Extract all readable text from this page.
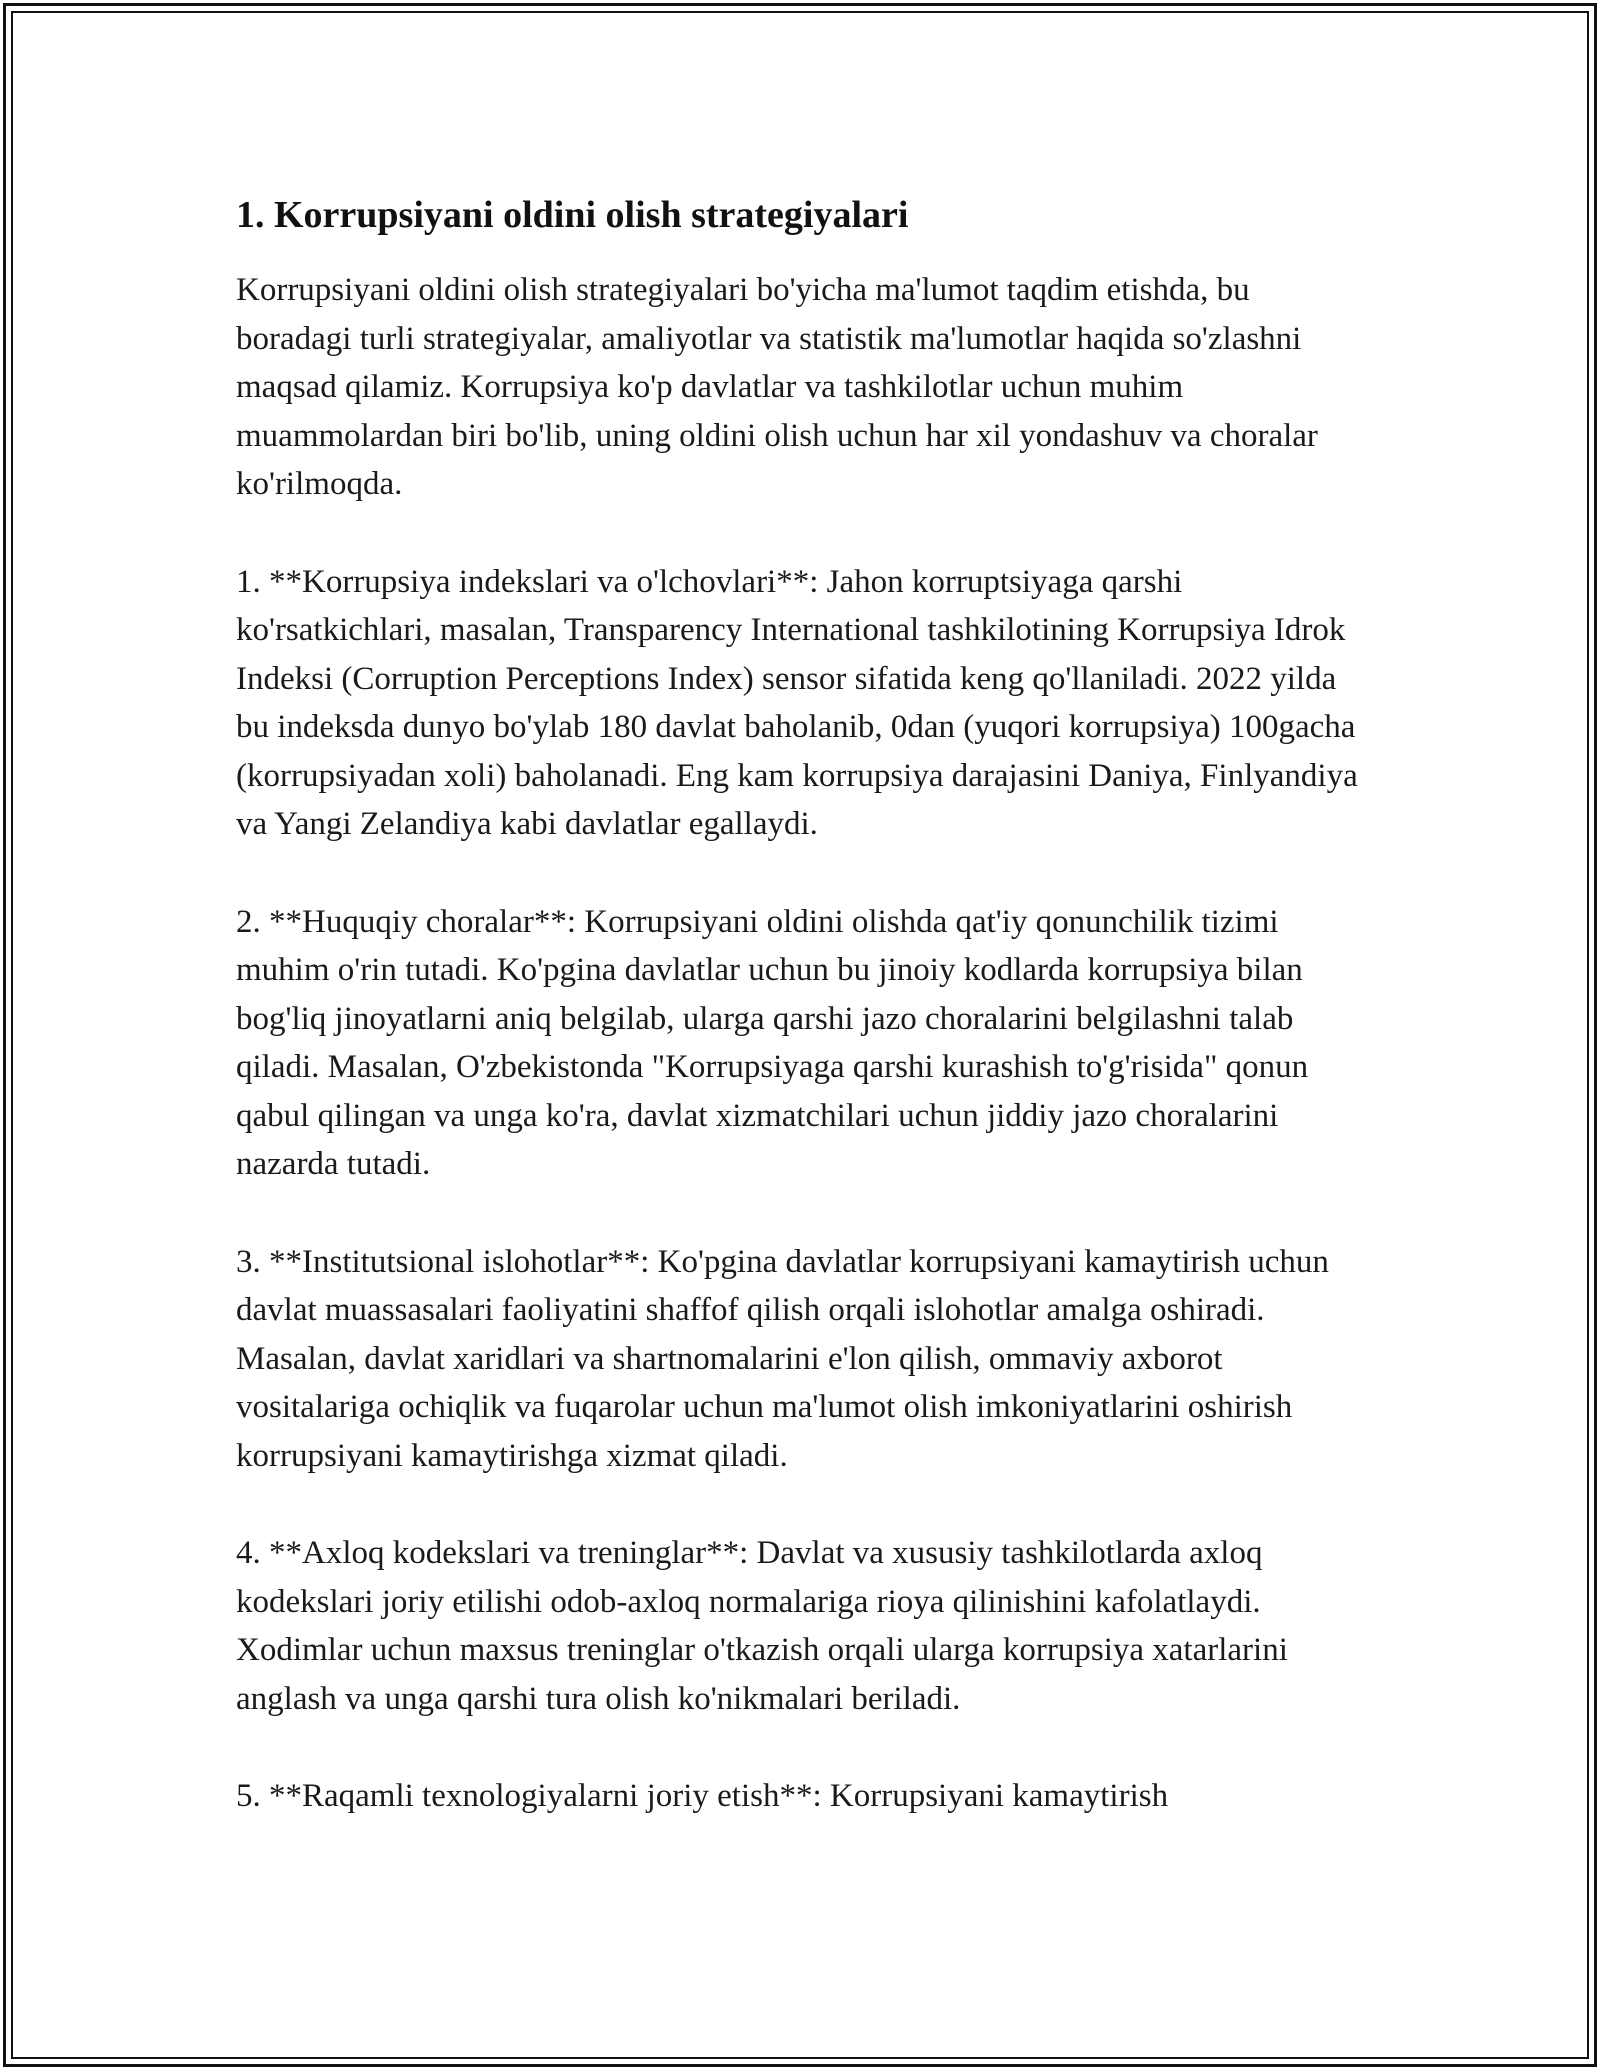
1. Korrupsiyani oldini olish strategiyalari

Korrupsiyani oldini olish strategiyalari bo'yicha ma'lumot taqdim etishda, bu boradagi turli strategiyalar, amaliyotlar va statistik ma'lumotlar haqida so'zlashni maqsad qilamiz. Korrupsiya ko'p davlatlar va tashkilotlar uchun muhim muammolardan biri bo'lib, uning oldini olish uchun har xil yondashuv va choralar ko'rilmoqda.

1. **Korrupsiya indekslari va o'lchovlari**: Jahon korruptsiyaga qarshi ko'rsatkichlari, masalan, Transparency International tashkilotining Korrupsiya Idrok Indeksi (Corruption Perceptions Index) sensor sifatida keng qo'llaniladi. 2022 yilda bu indeksda dunyo bo'ylab 180 davlat baholanib, 0dan (yuqori korrupsiya) 100gacha (korrupsiyadan xoli) baholanadi. Eng kam korrupsiya darajasini Daniya, Finlyandiya va Yangi Zelandiya kabi davlatlar egallaydi.

2. **Huquqiy choralar**: Korrupsiyani oldini olishda qat'iy qonunchilik tizimi muhim o'rin tutadi. Ko'pgina davlatlar uchun bu jinoiy kodlarda korrupsiya bilan bog'liq jinoyatlarni aniq belgilab, ularga qarshi jazo choralarini belgilashni talab qiladi. Masalan, O'zbekistonda "Korrupsiyaga qarshi kurashish to'g'risida" qonun qabul qilingan va unga ko'ra, davlat xizmatchilari uchun jiddiy jazo choralarini nazarda tutadi.

3. **Institutsional islohotlar**: Ko'pgina davlatlar korrupsiyani kamaytirish uchun davlat muassasalari faoliyatini shaffof qilish orqali islohotlar amalga oshiradi. Masalan, davlat xaridlari va shartnomalarini e'lon qilish, ommaviy axborot vositalariga ochiqlik va fuqarolar uchun ma'lumot olish imkoniyatlarini oshirish korrupsiyani kamaytirishga xizmat qiladi.

4. **Axloq kodekslari va treninglar**: Davlat va xususiy tashkilotlarda axloq kodekslari joriy etilishi odob-axloq normalariga rioya qilinishini kafolatlaydi. Xodimlar uchun maxsus treninglar o'tkazish orqali ularga korrupsiya xatarlarini anglash va unga qarshi tura olish ko'nikmalari beriladi.

5. **Raqamli texnologiyalarni joriy etish**: Korrupsiyani kamaytirish
